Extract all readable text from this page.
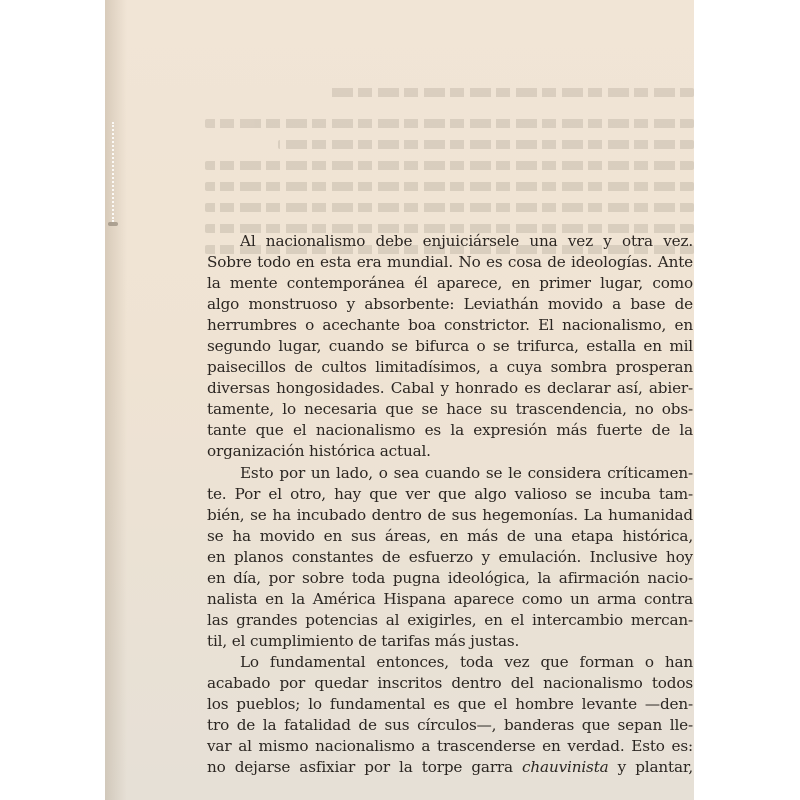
Al nacionalismo debe enjuiciársele una vez y otra vez.
Sobre todo en esta era mundial. No es cosa de ideologías. Ante
la mente contemporánea él aparece, en primer lugar, como
algo monstruoso y absorbente: Leviathán movido a base de
herrumbres o acechante boa constrictor. El nacionalismo, en
segundo lugar, cuando se bifurca o se trifurca, estalla en mil
paisecillos de cultos limitadísimos, a cuya sombra prosperan
diversas hongosidades. Cabal y honrado es declarar así, abier-
tamente, lo necesaria que se hace su trascendencia, no obs-
tante que el nacionalismo es la expresión más fuerte de la
organización histórica actual.
Esto por un lado, o sea cuando se le considera críticamen-
te. Por el otro, hay que ver que algo valioso se incuba tam-
bién, se ha incubado dentro de sus hegemonías. La humanidad
se ha movido en sus áreas, en más de una etapa histórica,
en planos constantes de esfuerzo y emulación. Inclusive hoy
en día, por sobre toda pugna ideológica, la afirmación nacio-
nalista en la América Hispana aparece como un arma contra
las grandes potencias al exigirles, en el intercambio mercan-
til, el cumplimiento de tarifas más justas.
Lo fundamental entonces, toda vez que forman o han
acabado por quedar inscritos dentro del nacionalismo todos
los pueblos; lo fundamental es que el hombre levante —den-
tro de la fatalidad de sus círculos—, banderas que sepan lle-
var al mismo nacionalismo a trascenderse en verdad. Esto es:
no dejarse asfixiar por la torpe garra chauvinista y plantar,
